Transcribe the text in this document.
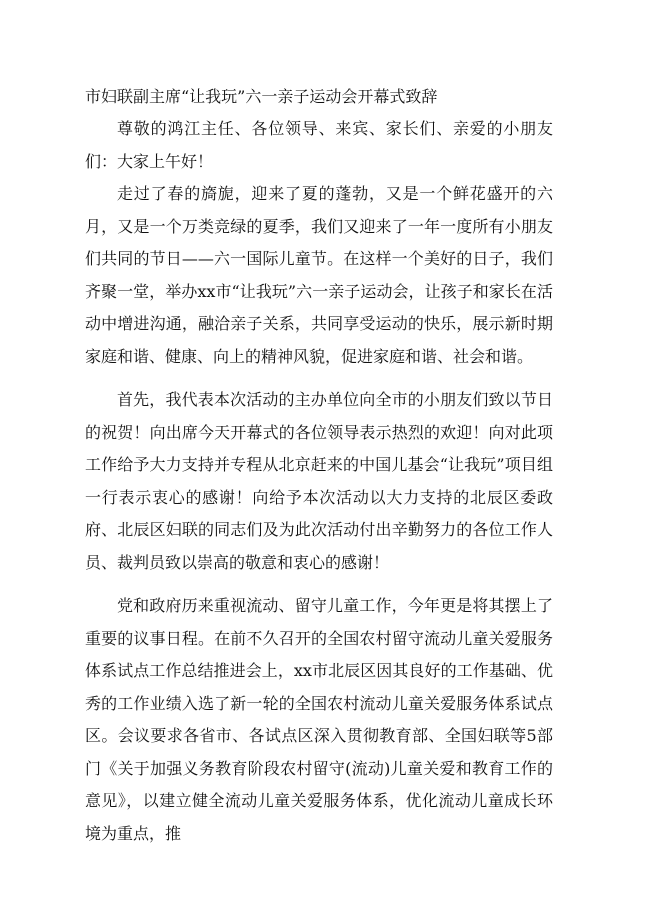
市妇联副主席“让我玩”六一亲子运动会开幕式致辞

尊敬的鸿江主任、各位领导、来宾、家长们、亲爱的小朋友们： 大家上午好！

走过了春的旖旎，迎来了夏的蓬勃，又是一个鲜花盛开的六月，又是一个万类竞绿的夏季，我们又迎来了一年一度所有小朋友们共同的节日——六一国际儿童节。在这样一个美好的日子，我们齐聚一堂，举办xx市“让我玩”六一亲子运动会，让孩子和家长在活动中增进沟通，融洽亲子关系，共同享受运动的快乐，展示新时期家庭和谐、健康、向上的精神风貌，促进家庭和谐、社会和谐。

首先，我代表本次活动的主办单位向全市的小朋友们致以节日的祝贺！向出席今天开幕式的各位领导表示热烈的欢迎！向对此项工作给予大力支持并专程从北京赶来的中国儿基会“让我玩”项目组一行表示衷心的感谢！向给予本次活动以大力支持的北辰区委政府、北辰区妇联的同志们及为此次活动付出辛勤努力的各位工作人员、裁判员致以崇高的敬意和衷心的感谢！

党和政府历来重视流动、留守儿童工作，今年更是将其摆上了重要的议事日程。在前不久召开的全国农村留守流动儿童关爱服务体系试点工作总结推进会上，xx市北辰区因其良好的工作基础、优秀的工作业绩入选了新一轮的全国农村流动儿童关爱服务体系试点区。会议要求各省市、各试点区深入贯彻教育部、全国妇联等5部门《关于加强义务教育阶段农村留守(流动)儿童关爱和教育工作的意见》，以建立健全流动儿童关爱服务体系，优化流动儿童成长环境为重点，推
